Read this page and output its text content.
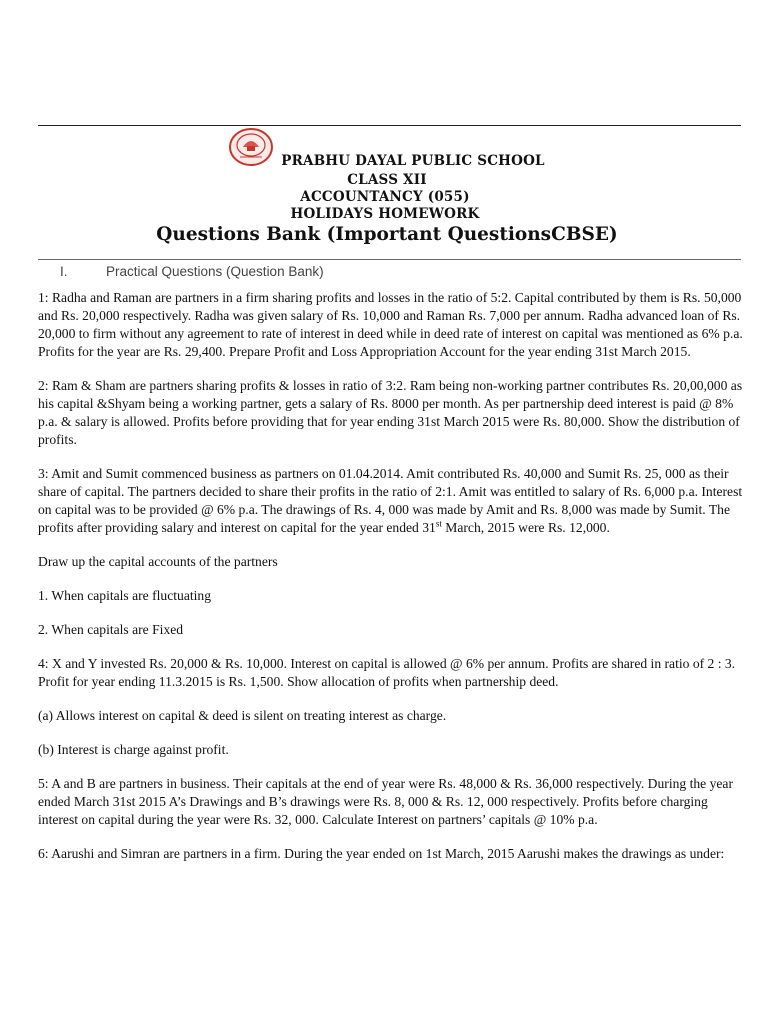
PRABHU DAYAL PUBLIC SCHOOL
CLASS XII
ACCOUNTANCY (055)
HOLIDAYS HOMEWORK
Questions Bank (Important QuestionsCBSE)
I.	Practical Questions (Question Bank)

1: Radha and Raman are partners in a firm sharing profits and losses in the ratio of 5:2. Capital contributed by them is Rs. 50,000 and Rs. 20,000 respectively. Radha was given salary of Rs. 10,000 and Raman Rs. 7,000 per annum. Radha advanced loan of Rs. 20,000 to firm without any agreement to rate of interest in deed while in deed rate of interest on capital was mentioned as 6% p.a. Profits for the year are Rs. 29,400. Prepare Profit and Loss Appropriation Account for the year ending 31st March 2015.

2: Ram & Sham are partners sharing profits & losses in ratio of 3:2. Ram being non-working partner contributes Rs. 20,00,000 as his capital &Shyam being a working partner, gets a salary of Rs. 8000 per month. As per partnership deed interest is paid @ 8% p.a. & salary is allowed. Profits before providing that for year ending 31st March 2015 were Rs. 80,000. Show the distribution of profits.

3: Amit and Sumit commenced business as partners on 01.04.2014. Amit contributed Rs. 40,000 and Sumit Rs. 25, 000 as their share of capital. The partners decided to share their profits in the ratio of 2:1. Amit was entitled to salary of Rs. 6,000 p.a. Interest on capital was to be provided @ 6% p.a. The drawings of Rs. 4, 000 was made by Amit and Rs. 8,000 was made by Sumit. The profits after providing salary and interest on capital for the year ended 31st March, 2015 were Rs. 12,000.

Draw up the capital accounts of the partners

1. When capitals are fluctuating

2. When capitals are Fixed

4: X and Y invested Rs. 20,000 & Rs. 10,000. Interest on capital is allowed @ 6% per annum. Profits are shared in ratio of 2 : 3. Profit for year ending 11.3.2015 is Rs. 1,500. Show allocation of profits when partnership deed.

(a) Allows interest on capital & deed is silent on treating interest as charge.

(b) Interest is charge against profit.

5: A and B are partners in business. Their capitals at the end of year were Rs. 48,000 & Rs. 36,000 respectively. During the year ended March 31st 2015 A’s Drawings and B’s drawings were Rs. 8, 000 & Rs. 12, 000 respectively. Profits before charging interest on capital during the year were Rs. 32, 000. Calculate Interest on partners’ capitals @ 10% p.a.

6: Aarushi and Simran are partners in a firm. During the year ended on 1st March, 2015 Aarushi makes the drawings as under:
